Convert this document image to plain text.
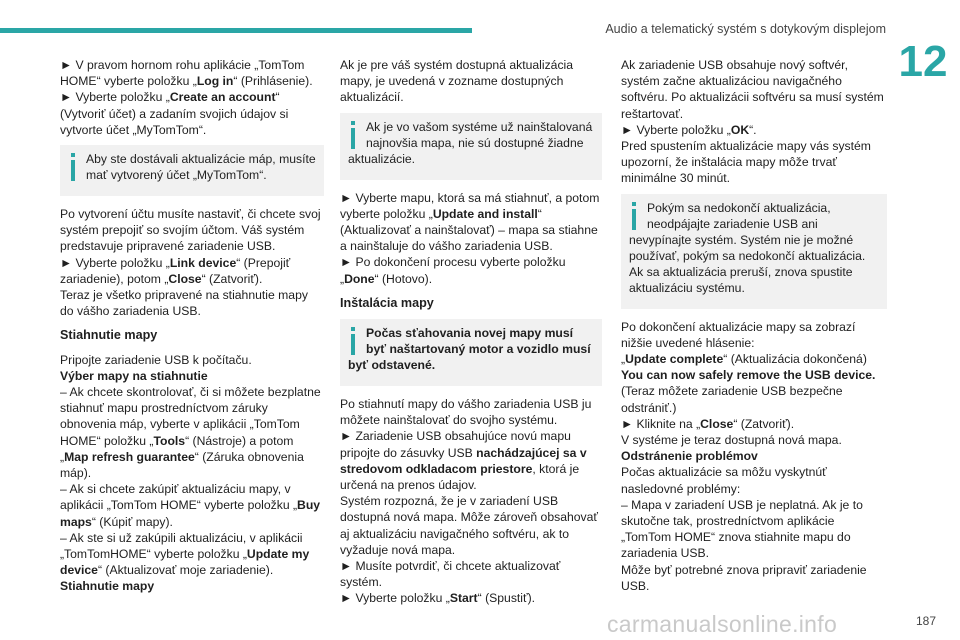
Audio a telematický systém s dotykovým displejom
12

► V pravom hornom rohu aplikácie „TomTom HOME“ vyberte položku „Log in“ (Prihlásenie).
► Vyberte položku „Create an account“ (Vytvoriť účet) a zadaním svojich údajov si vytvorte účet „MyTomTom“.

Aby ste dostávali aktualizácie máp, musíte mať vytvorený účet „MyTomTom“.

Po vytvorení účtu musíte nastaviť, či chcete svoj systém prepojiť so svojím účtom. Váš systém predstavuje pripravené zariadenie USB.
► Vyberte položku „Link device“ (Prepojiť zariadenie), potom „Close“ (Zatvoriť).
Teraz je všetko pripravené na stiahnutie mapy do vášho zariadenia USB.

Stiahnutie mapy

Pripojte zariadenie USB k počítaču.
Výber mapy na stiahnutie
– Ak chcete skontrolovať, či si môžete bezplatne stiahnuť mapu prostredníctvom záruky obnovenia máp, vyberte v aplikácii „TomTom HOME“ položku „Tools“ (Nástroje) a potom „Map refresh guarantee“ (Záruka obnovenia máp).
– Ak si chcete zakúpiť aktualizáciu mapy, v aplikácii „TomTom HOME“ vyberte položku „Buy maps“ (Kúpiť mapy).
– Ak ste si už zakúpili aktualizáciu, v aplikácii „TomTomHOME“ vyberte položku „Update my device“ (Aktualizovať moje zariadenie).
Stiahnutie mapy

Ak je pre váš systém dostupná aktualizácia mapy, je uvedená v zozname dostupných aktualizácií.

Ak je vo vašom systéme už nainštalovaná najnovšia mapa, nie sú dostupné žiadne aktualizácie.

► Vyberte mapu, ktorá sa má stiahnuť, a potom vyberte položku „Update and install“ (Aktualizovať a nainštalovať) – mapa sa stiahne a nainštaluje do vášho zariadenia USB.
► Po dokončení procesu vyberte položku „Done“ (Hotovo).

Inštalácia mapy

Počas sťahovania novej mapy musí byť naštartovaný motor a vozidlo musí byť odstavené.

Po stiahnutí mapy do vášho zariadenia USB ju môžete nainštalovať do svojho systému.
► Zariadenie USB obsahujúce novú mapu pripojte do zásuvky USB nachádzajúcej sa v stredovom odkladacom priestore, ktorá je určená na prenos údajov.
Systém rozpozná, že je v zariadení USB dostupná nová mapa. Môže zároveň obsahovať aj aktualizáciu navigačného softvéru, ak to vyžaduje nová mapa.
► Musíte potvrdiť, či chcete aktualizovať systém.
► Vyberte položku „Start“ (Spustiť).

Ak zariadenie USB obsahuje nový softvér, systém začne aktualizáciou navigačného softvéru. Po aktualizácii softvéru sa musí systém reštartovať.
► Vyberte položku „OK“.
Pred spustením aktualizácie mapy vás systém upozorní, že inštalácia mapy môže trvať minimálne 30 minút.

Pokým sa nedokončí aktualizácia, neodpájajte zariadenie USB ani nevypínajte systém. Systém nie je možné používať, pokým sa nedokončí aktualizácia. Ak sa aktualizácia preruší, znova spustite aktualizáciu systému.

Po dokončení aktualizácie mapy sa zobrazí nižšie uvedené hlásenie:
„Update complete“ (Aktualizácia dokončená)
You can now safely remove the USB device.
(Teraz môžete zariadenie USB bezpečne odstrániť.)
► Kliknite na „Close“ (Zatvoriť).
V systéme je teraz dostupná nová mapa.
Odstránenie problémov
Počas aktualizácie sa môžu vyskytnúť nasledovné problémy:
– Mapa v zariadení USB je neplatná. Ak je to skutočne tak, prostredníctvom aplikácie „TomTom HOME“ znova stiahnite mapu do zariadenia USB.
Môže byť potrebné znova pripraviť zariadenie USB.

carmanualsonline.info	187
